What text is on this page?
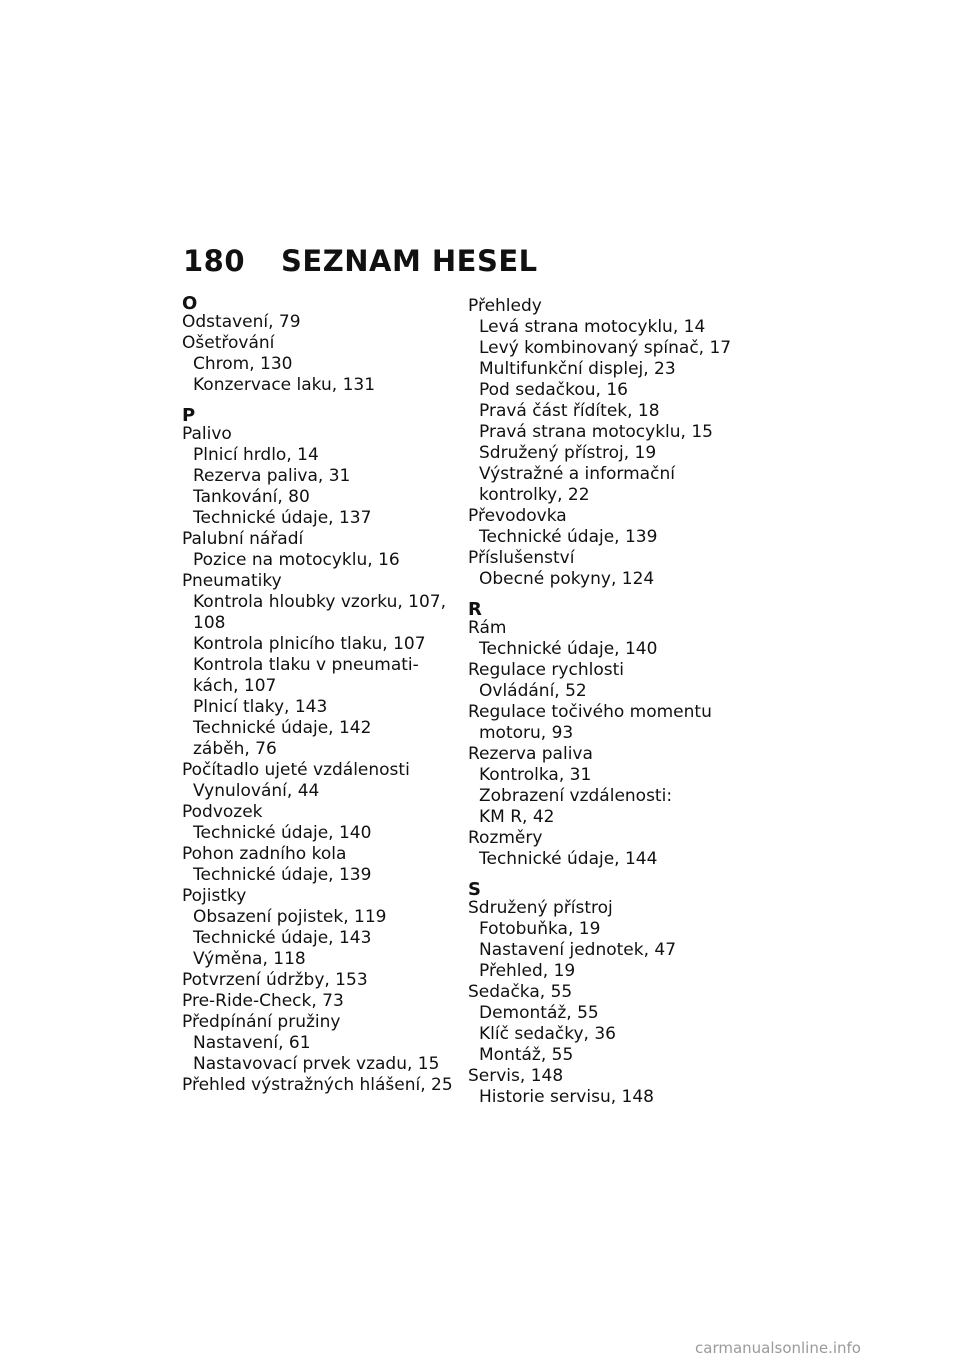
180	SEZNAM HESEL
O
Odstavení, 79
Ošetřování
Chrom, 130
Konzervace laku, 131
P
Palivo
Plnicí hrdlo, 14
Rezerva paliva, 31
Tankování, 80
Technické údaje, 137
Palubní nářadí
Pozice na motocyklu, 16
Pneumatiky
Kontrola hloubky vzorku, 107,
108
Kontrola plnicího tlaku, 107
Kontrola tlaku v pneumati-
kách, 107
Plnicí tlaky, 143
Technické údaje, 142
záběh, 76
Počítadlo ujeté vzdálenosti
Vynulování, 44
Podvozek
Technické údaje, 140
Pohon zadního kola
Technické údaje, 139
Pojistky
Obsazení pojistek, 119
Technické údaje, 143
Výměna, 118
Potvrzení údržby, 153
Pre-Ride-Check, 73
Předpínání pružiny
Nastavení, 61
Nastavovací prvek vzadu, 15
Přehled výstražných hlášení, 25
Přehledy
Levá strana motocyklu, 14
Levý kombinovaný spínač, 17
Multifunkční displej, 23
Pod sedačkou, 16
Pravá část řídítek, 18
Pravá strana motocyklu, 15
Sdružený přístroj, 19
Výstražné a informační
kontrolky, 22
Převodovka
Technické údaje, 139
Příslušenství
Obecné pokyny, 124
R
Rám
Technické údaje, 140
Regulace rychlosti
Ovládání, 52
Regulace točivého momentu
motoru, 93
Rezerva paliva
Kontrolka, 31
Zobrazení vzdálenosti:
KM R, 42
Rozměry
Technické údaje, 144
S
Sdružený přístroj
Fotobuňka, 19
Nastavení jednotek, 47
Přehled, 19
Sedačka, 55
Demontáž, 55
Klíč sedačky, 36
Montáž, 55
Servis, 148
Historie servisu, 148
carmanualsonline.info
